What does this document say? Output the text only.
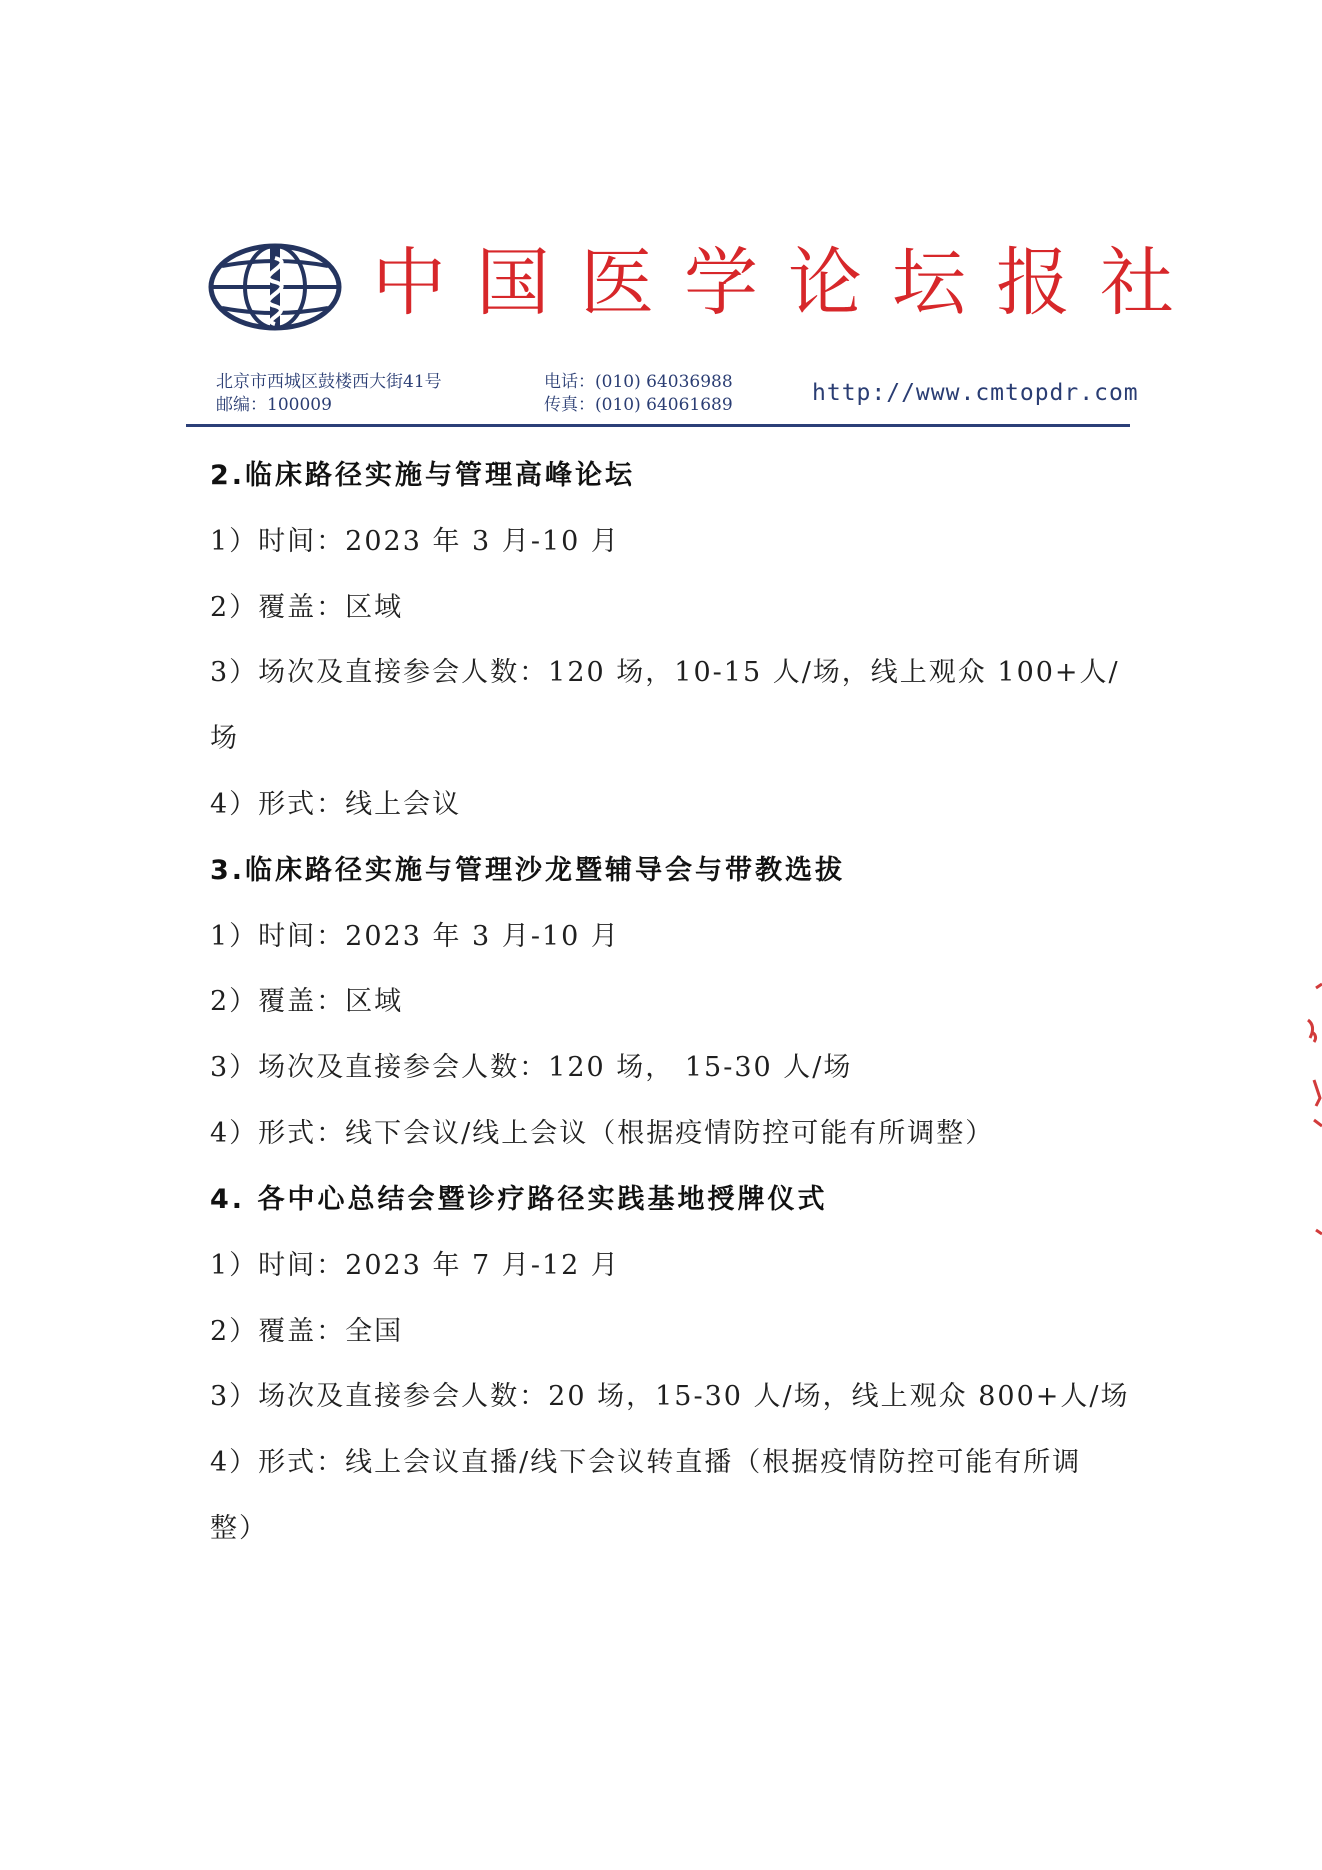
中国医学论坛报社
北京市西城区鼓楼西大街41号
邮编：100009
电话：(010) 64036988
传真：(010) 64061689	http://www.cmtopdr.com
2.临床路径实施与管理高峰论坛
1）时间：2023 年 3 月-10 月
2）覆盖：区域
3）场次及直接参会人数：120 场，10-15 人/场，线上观众 100+人/
场
4）形式：线上会议
3.临床路径实施与管理沙龙暨辅导会与带教选拔
1）时间：2023 年 3 月-10 月
2）覆盖：区域
3）场次及直接参会人数：120 场， 15-30 人/场
4）形式：线下会议/线上会议（根据疫情防控可能有所调整）
4. 各中心总结会暨诊疗路径实践基地授牌仪式
1）时间：2023 年 7 月-12 月
2）覆盖：全国
3）场次及直接参会人数：20 场，15-30 人/场，线上观众 800+人/场
4）形式：线上会议直播/线下会议转直播（根据疫情防控可能有所调
整）
